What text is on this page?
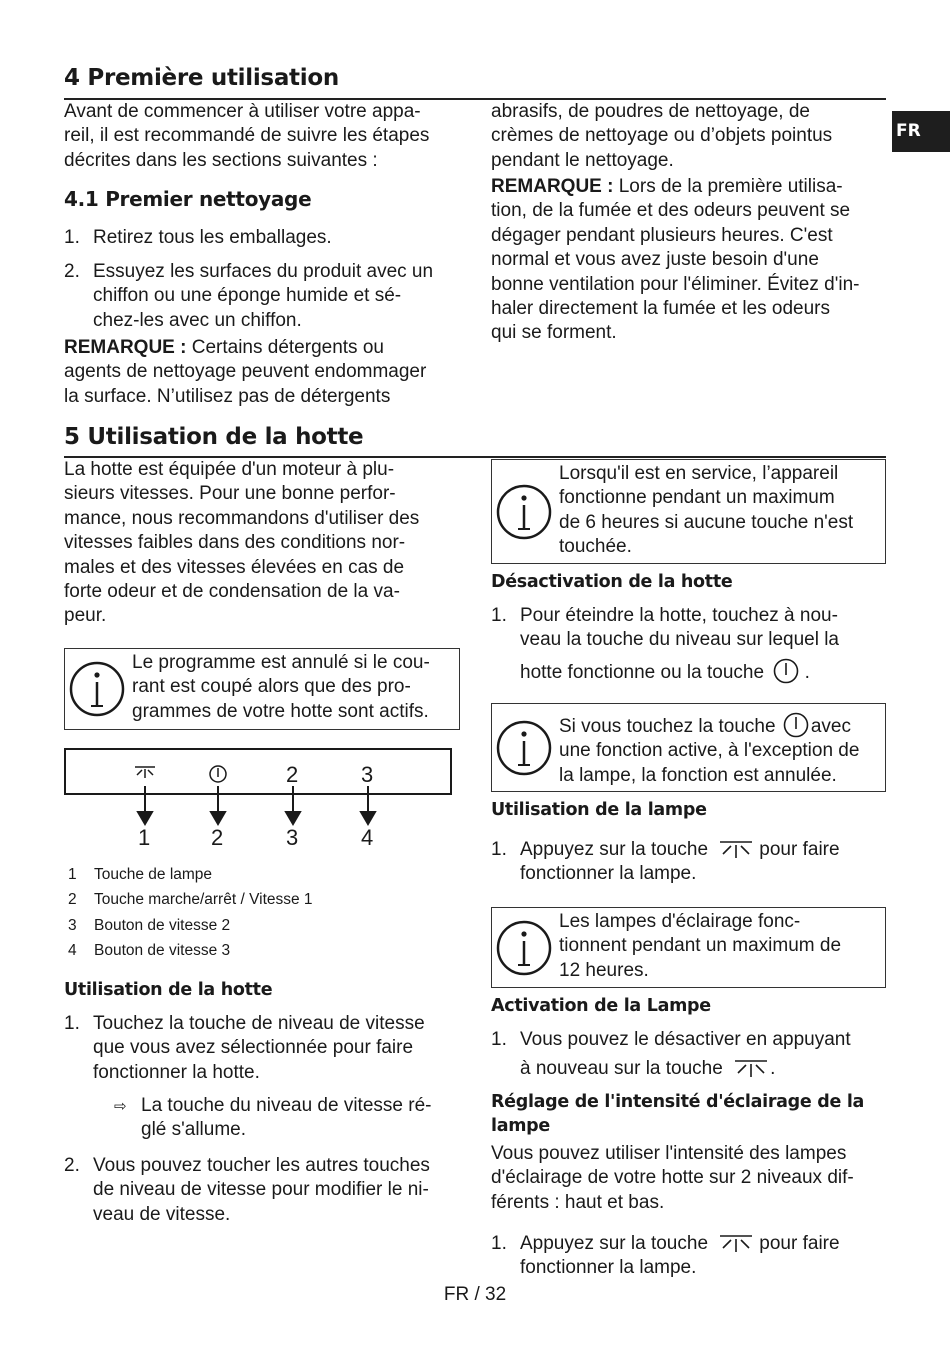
FR
4 Première utilisation
Avant de commencer à utiliser votre appa-
reil, il est recommandé de suivre les étapes
décrites dans les sections suivantes :
4.1 Premier nettoyage
1. Retirez tous les emballages.
2. Essuyez les surfaces du produit avec un
chiffon ou une éponge humide et sé-
chez-les avec un chiffon.
REMARQUE : Certains détergents ou
agents de nettoyage peuvent endommager
la surface. N’utilisez pas de détergents
abrasifs, de poudres de nettoyage, de
crèmes de nettoyage ou d’objets pointus
pendant le nettoyage.
REMARQUE : Lors de la première utilisa-
tion, de la fumée et des odeurs peuvent se
dégager pendant plusieurs heures. C'est
normal et vous avez juste besoin d'une
bonne ventilation pour l'éliminer. Évitez d'in-
haler directement la fumée et les odeurs
qui se forment.
5 Utilisation de la hotte
La hotte est équipée d'un moteur à plu-
sieurs vitesses. Pour une bonne perfor-
mance, nous recommandons d'utiliser des
vitesses faibles dans des conditions nor-
males et des vitesses élevées en cas de
forte odeur et de condensation de la va-
peur.
Le programme est annulé si le cou-
rant est coupé alors que des pro-
grammes de votre hotte sont actifs.
2	3
1	2	3	4
1 Touche de lampe
2 Touche marche/arrêt / Vitesse 1
3 Bouton de vitesse 2
4 Bouton de vitesse 3
Utilisation de la hotte
1. Touchez la touche de niveau de vitesse
que vous avez sélectionnée pour faire
fonctionner la hotte.
⇨ La touche du niveau de vitesse ré-
glé s'allume.
2. Vous pouvez toucher les autres touches
de niveau de vitesse pour modifier le ni-
veau de vitesse.
Lorsqu'il est en service, l’appareil
fonctionne pendant un maximum
de 6 heures si aucune touche n'est
touchée.
Désactivation de la hotte
1. Pour éteindre la hotte, touchez à nou-
veau la touche du niveau sur lequel la
hotte fonctionne ou la touche .
Si vous touchez la touche avec
une fonction active, à l'exception de
la lampe, la fonction est annulée.
Utilisation de la lampe
1. Appuyez sur la touche	pour faire
fonctionner la lampe.
Les lampes d'éclairage fonc-
tionnent pendant un maximum de
12 heures.
Activation de la Lampe
1. Vous pouvez le désactiver en appuyant
à nouveau sur la touche .
Réglage de l'intensité d'éclairage de la
lampe
Vous pouvez utiliser l'intensité des lampes
d'éclairage de votre hotte sur 2 niveaux dif-
férents : haut et bas.
1. Appuyez sur la touche	pour faire
fonctionner la lampe.
FR / 32
